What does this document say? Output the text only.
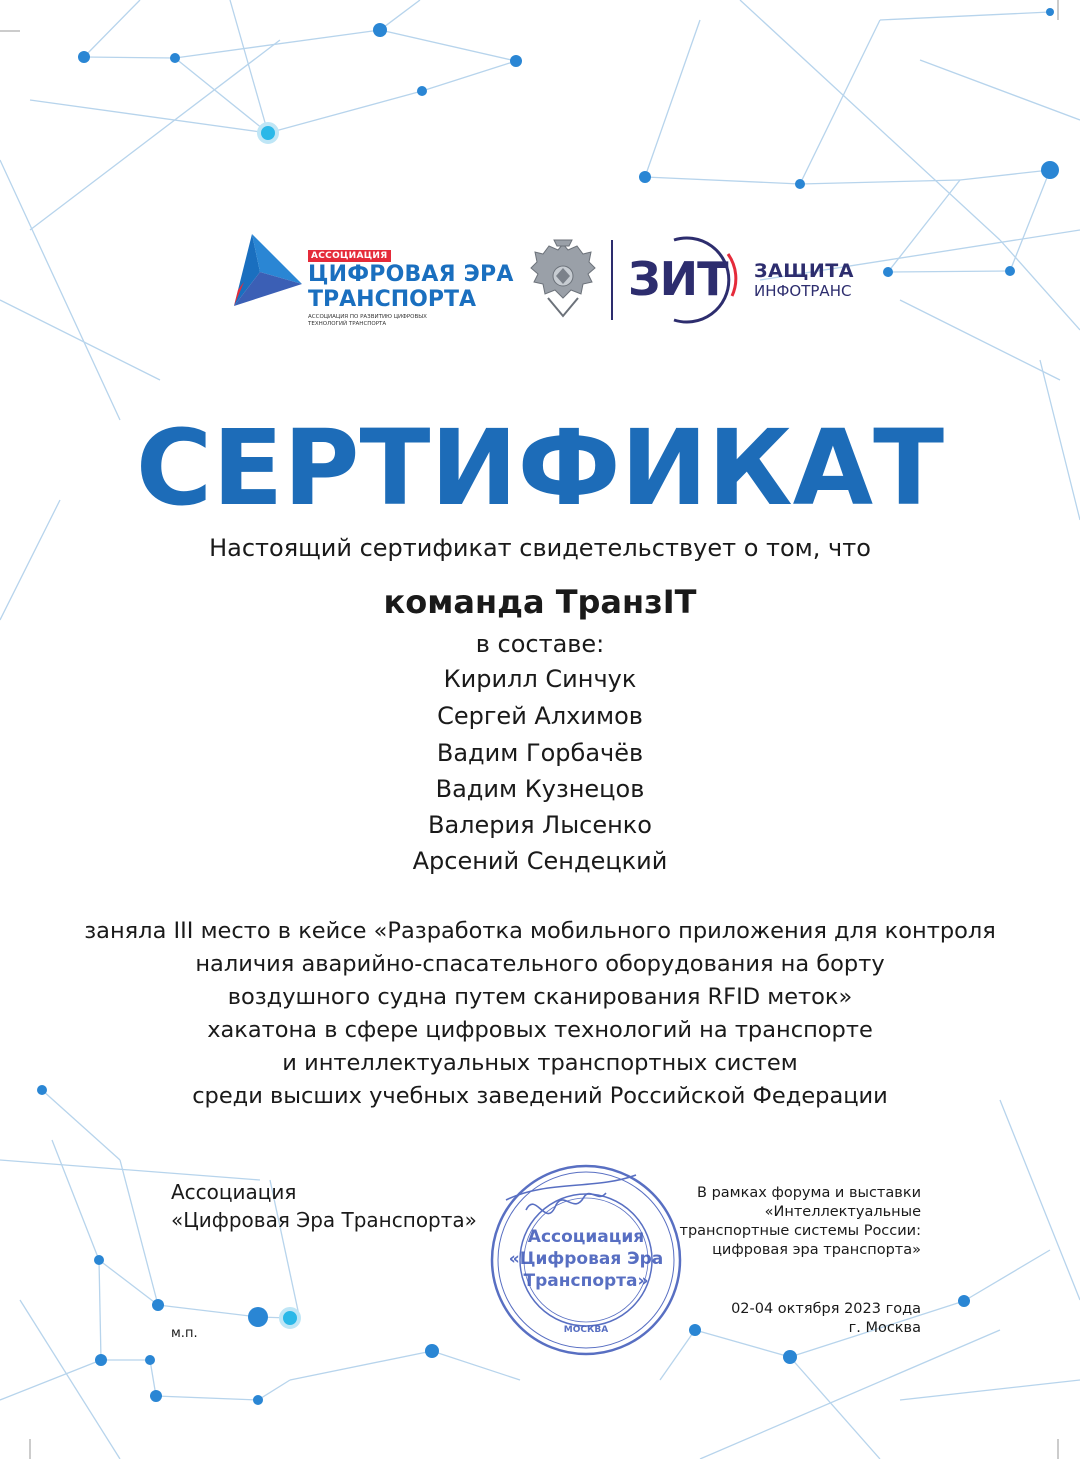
АССОЦИАЦИЯ
ЦИФРОВАЯ ЭРА
ТРАНСПОРТА
АССОЦИАЦИЯ ПО РАЗВИТИЮ ЦИФРОВЫХ ТЕХНОЛОГИЙ ТРАНСПОРТА
ЗИТ ЗАЩИТА
ИНФОТРАНС
СЕРТИФИКАТ
Настоящий сертификат свидетельствует о том, что
команда ТранзIT
в составе:
Кирилл Синчук
Сергей Алхимов
Вадим Горбачёв
Вадим Кузнецов
Валерия Лысенко
Арсений Сендецкий
заняла III место в кейсе «Разработка мобильного приложения для контроля
наличия аварийно-спасательного оборудования на борту
воздушного судна путем сканирования RFID меток»
хакатона в сфере цифровых технологий на транспорте
и интеллектуальных транспортных систем
среди высших учебных заведений Российской Федерации
Ассоциация
«Цифровая Эра Транспорта»
м.п.
Ассоциация
«Цифровая Эра
Транспорта»
МОСКВА
В рамках форума и выставки
«Интеллектуальные
транспортные системы России:
цифровая эра транспорта»
02-04 октября 2023 года
г. Москва
